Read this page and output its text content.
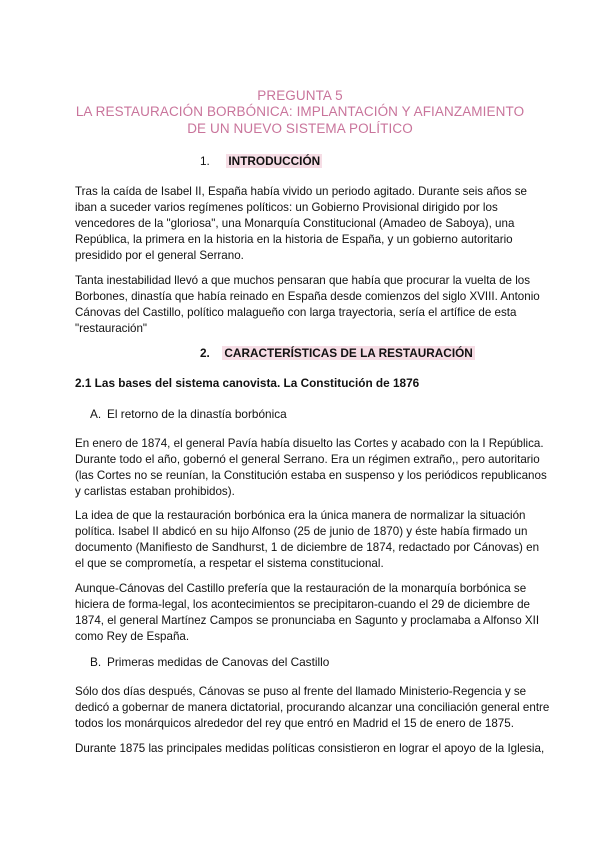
PREGUNTA 5
LA RESTAURACIÓN BORBÓNICA: IMPLANTACIÓN Y AFIANZAMIENTO
DE UN NUEVO SISTEMA POLÍTICO
1. INTRODUCCIÓN

Tras la caída de Isabel II, España había vivido un periodo agitado. Durante seis años se
iban a suceder varios regímenes políticos: un Gobierno Provisional dirigido por los
vencedores de la "gloriosa", una Monarquía Constitucional (Amadeo de Saboya), una
República, la primera en la historia en la historia de España, y un gobierno autoritario
presidido por el general Serrano.

Tanta inestabilidad llevó a que muchos pensaran que había que procurar la vuelta de los
Borbones, dinastía que había reinado en España desde comienzos del siglo XVIII. Antonio
Cánovas del Castillo, político malagueño con larga trayectoria, sería el artífice de esta
"restauración"

2. CARACTERÍSTICAS DE LA RESTAURACIÓN
2.1 Las bases del sistema canovista. La Constitución de 1876
A. El retorno de la dinastía borbónica

En enero de 1874, el general Pavía había disuelto las Cortes y acabado con la I República.
Durante todo el año, gobernó el general Serrano. Era un régimen extraño,, pero autoritario
(las Cortes no se reunían, la Constitución estaba en suspenso y los periódicos republicanos
y carlistas estaban prohibidos).

La idea de que la restauración borbónica era la única manera de normalizar la situación
política. Isabel II abdicó en su hijo Alfonso (25 de junio de 1870) y éste había firmado un
documento (Manifiesto de Sandhurst, 1 de diciembre de 1874, redactado por Cánovas) en
el que se comprometía, a respetar el sistema constitucional.

Aunque-Cánovas del Castillo prefería que la restauración de la monarquía borbónica se
hiciera de forma-legal, los acontecimientos se precipitaron-cuando el 29 de diciembre de
1874, el general Martínez Campos se pronunciaba en Sagunto y proclamaba a Alfonso XII
como Rey de España.

B. Primeras medidas de Canovas del Castillo

Sólo dos días después, Cánovas se puso al frente del llamado Ministerio-Regencia y se
dedicó a gobernar de manera dictatorial, procurando alcanzar una conciliación general entre
todos los monárquicos alrededor del rey que entró en Madrid el 15 de enero de 1875.

Durante 1875 las principales medidas políticas consistieron en lograr el apoyo de la Iglesia,
